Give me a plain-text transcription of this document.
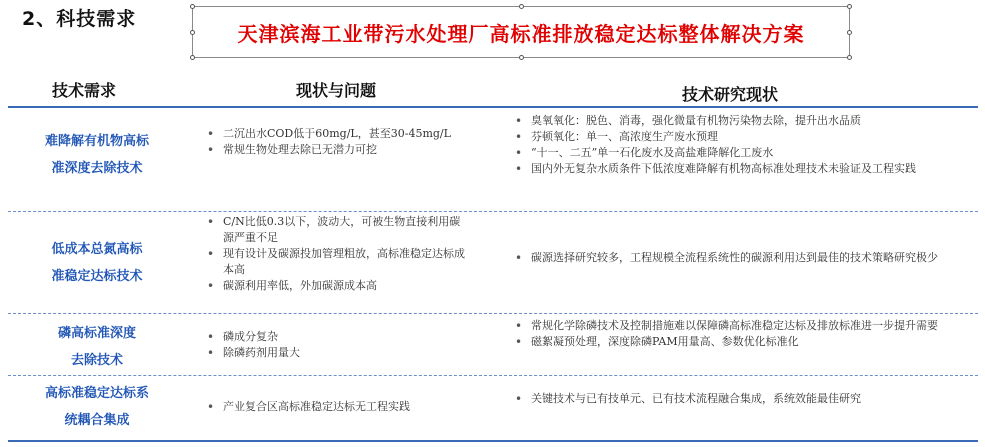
2、科技需求
天津滨海工业带污水处理厂高标准排放稳定达标整体解决方案
技术需求	现状与问题	技术研究现状
难降解有机物高标
准深度去除技术
• 二沉出水COD低于60mg/L，甚至30-45mg/L
• 常规生物处理去除已无潜力可挖
• 臭氧氧化：脱色、消毒，强化微量有机物污染物去除，提升出水品质
• 芬顿氧化：单一、高浓度生产废水预理
• “十一、二五”单一石化废水及高盐难降解化工废水
• 国内外无复杂水质条件下低浓度难降解有机物高标准处理技术未验证及工程实践
低成本总氮高标
准稳定达标技术
• C/N比低0.3以下，波动大，可被生物直接利用碳源严重不足
• 现有设计及碳源投加管理粗放，高标准稳定达标成本高
• 碳源利用率低，外加碳源成本高
• 碳源选择研究较多，工程规模全流程系统性的碳源利用达到最佳的技术策略研究极少
磷高标准深度
去除技术
• 磷成分复杂
• 除磷药剂用量大
• 常规化学除磷技术及控制措施难以保障磷高标准稳定达标及排放标准进一步提升需要
• 磁絮凝预处理，深度除磷PAM用量高、参数优化标准化
高标准稳定达标系
统耦合集成
• 产业复合区高标准稳定达标无工程实践
• 关键技术与已有技单元、已有技术流程融合集成，系统效能最佳研究
